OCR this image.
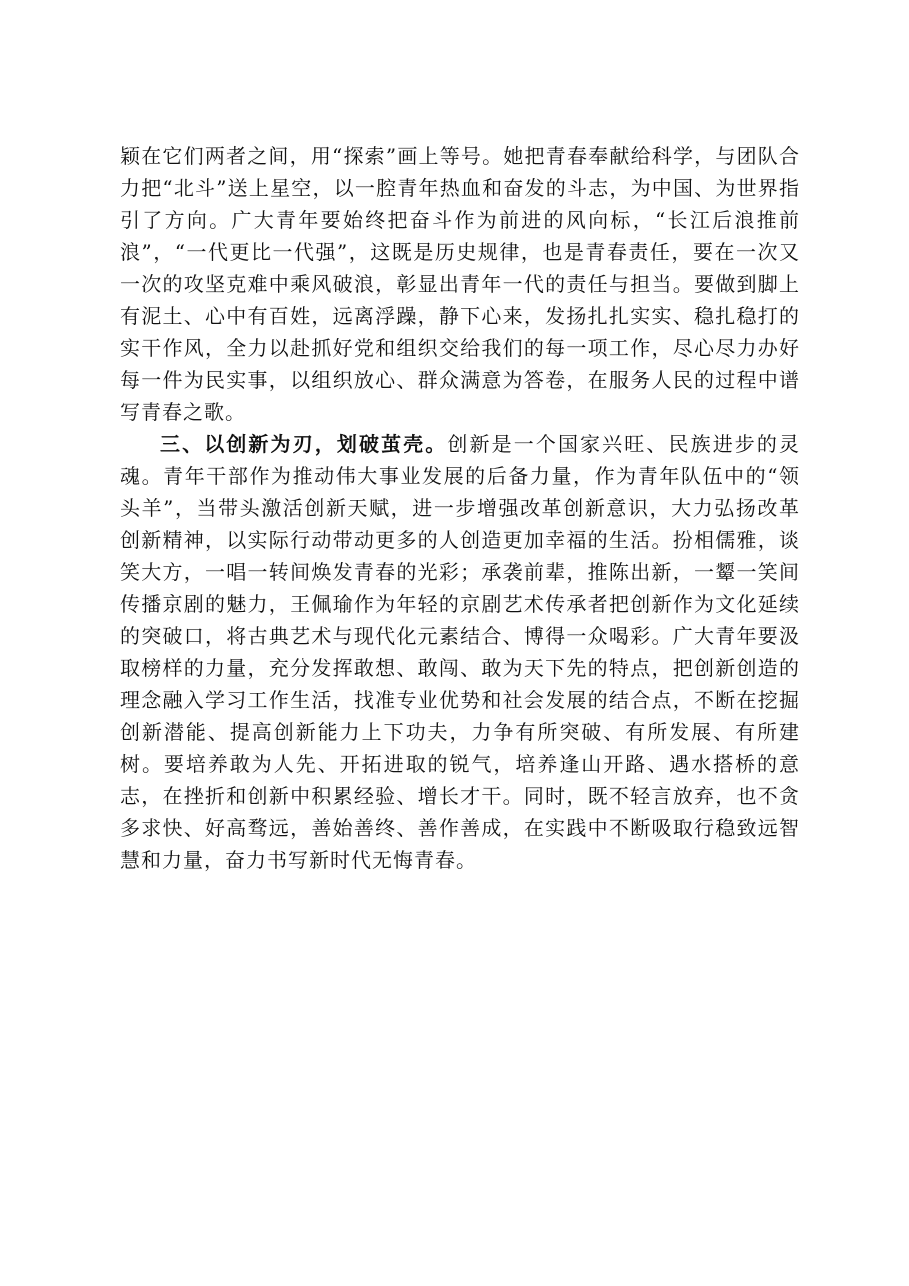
颖在它们两者之间，用“探索”画上等号。她把青春奉献给科学，与团队合力把“北斗”送上星空，以一腔青年热血和奋发的斗志，为中国、为世界指引了方向。广大青年要始终把奋斗作为前进的风向标，“长江后浪推前浪”，“一代更比一代强”，这既是历史规律，也是青春责任，要在一次又一次的攻坚克难中乘风破浪，彰显出青年一代的责任与担当。要做到脚上有泥土、心中有百姓，远离浮躁，静下心来，发扬扎扎实实、稳扎稳打的实干作风，全力以赴抓好党和组织交给我们的每一项工作，尽心尽力办好每一件为民实事，以组织放心、群众满意为答卷，在服务人民的过程中谱写青春之歌。

三、以创新为刃，划破茧壳。创新是一个国家兴旺、民族进步的灵魂。青年干部作为推动伟大事业发展的后备力量，作为青年队伍中的“领头羊”，当带头激活创新天赋，进一步增强改革创新意识，大力弘扬改革创新精神，以实际行动带动更多的人创造更加幸福的生活。扮相儒雅，谈笑大方，一唱一转间焕发青春的光彩；承袭前辈，推陈出新，一颦一笑间传播京剧的魅力，王佩瑜作为年轻的京剧艺术传承者把创新作为文化延续的突破口，将古典艺术与现代化元素结合、博得一众喝彩。广大青年要汲取榜样的力量，充分发挥敢想、敢闯、敢为天下先的特点，把创新创造的理念融入学习工作生活，找准专业优势和社会发展的结合点，不断在挖掘创新潜能、提高创新能力上下功夫，力争有所突破、有所发展、有所建树。要培养敢为人先、开拓进取的锐气，培养逢山开路、遇水搭桥的意志，在挫折和创新中积累经验、增长才干。同时，既不轻言放弃，也不贪多求快、好高骛远，善始善终、善作善成，在实践中不断吸取行稳致远智慧和力量，奋力书写新时代无悔青春。
